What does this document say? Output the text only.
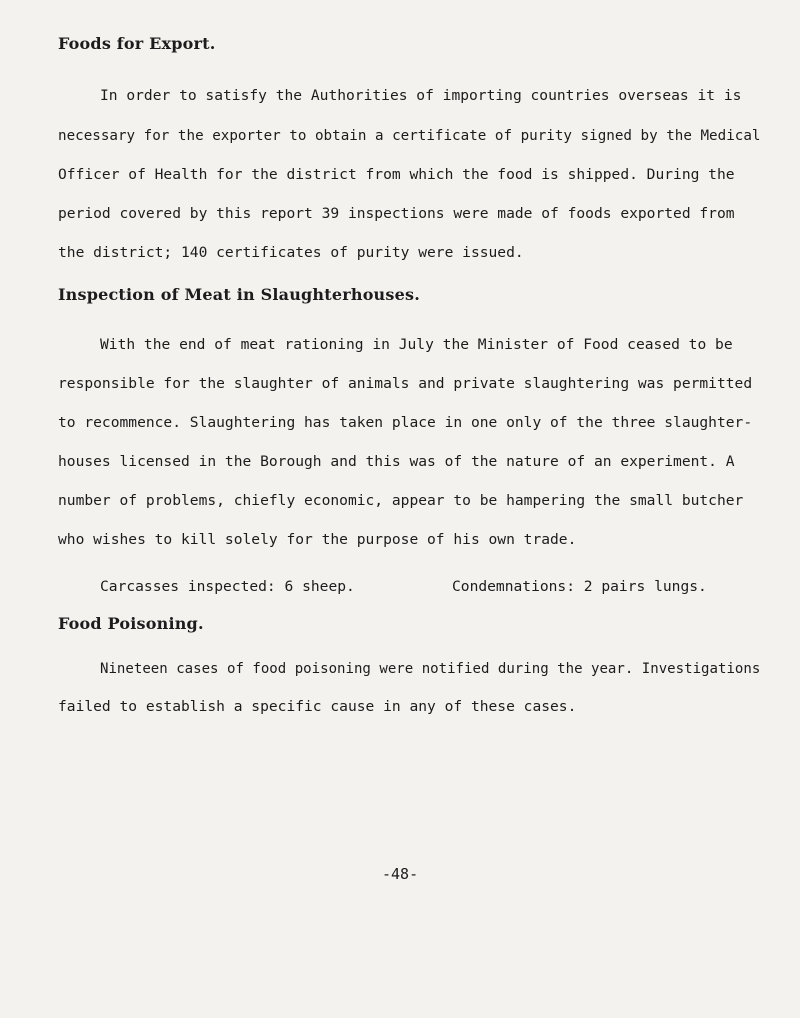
Foods for Export.
In order to satisfy the Authorities of importing countries overseas it is
necessary for the exporter to obtain a certificate of purity signed by the Medical
Officer of Health for the district from which the food is shipped. During the
period covered by this report 39 inspections were made of foods exported from
the district; 140 certificates of purity were issued.
Inspection of Meat in Slaughterhouses.
With the end of meat rationing in July the Minister of Food ceased to be
responsible for the slaughter of animals and private slaughtering was permitted
to recommence. Slaughtering has taken place in one only of the three slaughter-
houses licensed in the Borough and this was of the nature of an experiment. A
number of problems, chiefly economic, appear to be hampering the small butcher
who wishes to kill solely for the purpose of his own trade.
Carcasses inspected: 6 sheep.	Condemnations: 2 pairs lungs.
Food Poisoning.
Nineteen cases of food poisoning were notified during the year. Investigations
failed to establish a specific cause in any of these cases.
-48-
